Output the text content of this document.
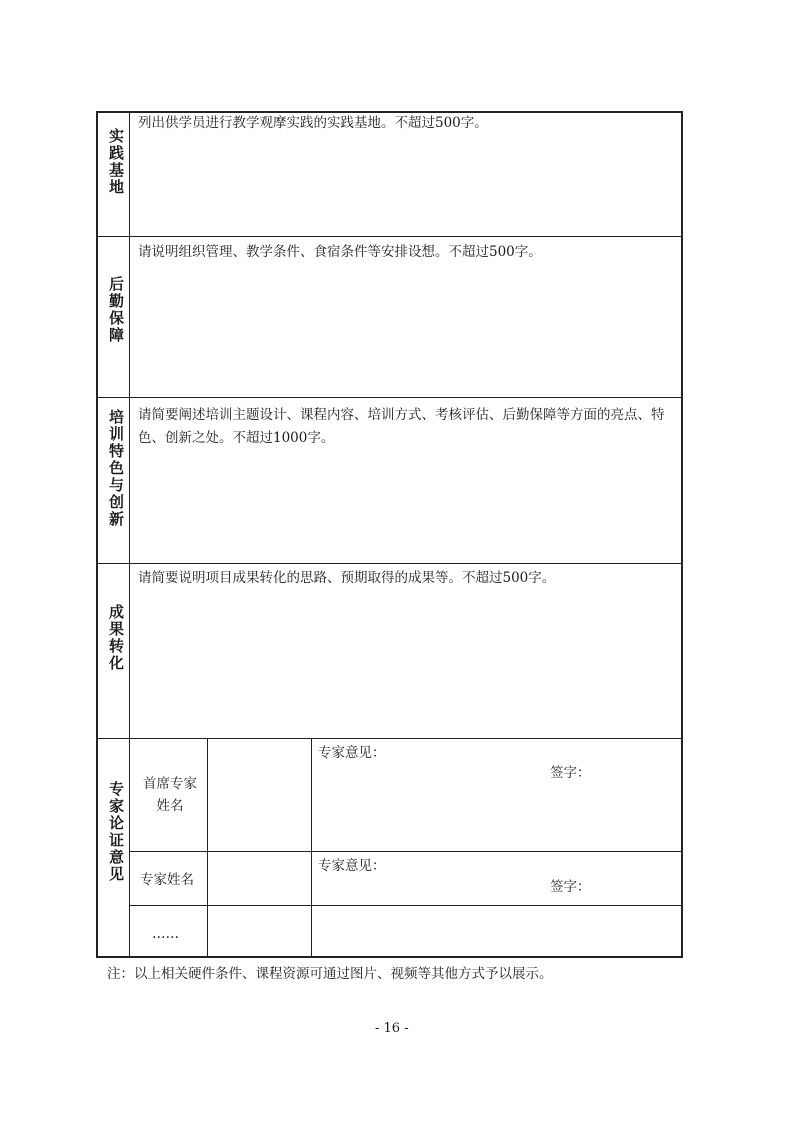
实践基地
列出供学员进行教学观摩实践的实践基地。不超过500字。
后勤保障
请说明组织管理、教学条件、食宿条件等安排设想。不超过500字。
培训特色与创新 请简要阐述培训主题设计、课程内容、培训方式、考核评估、后勤保障等方面的亮点、特色、创新之处。不超过1000字。
成果转化
请简要说明项目成果转化的思路、预期取得的成果等。不超过500字。
专家论证意见 首席专家姓名
专家意见：
签字：
专家姓名
专家意见：
签字：
……
注：以上相关硬件条件、课程资源可通过图片、视频等其他方式予以展示。
- 16 -
